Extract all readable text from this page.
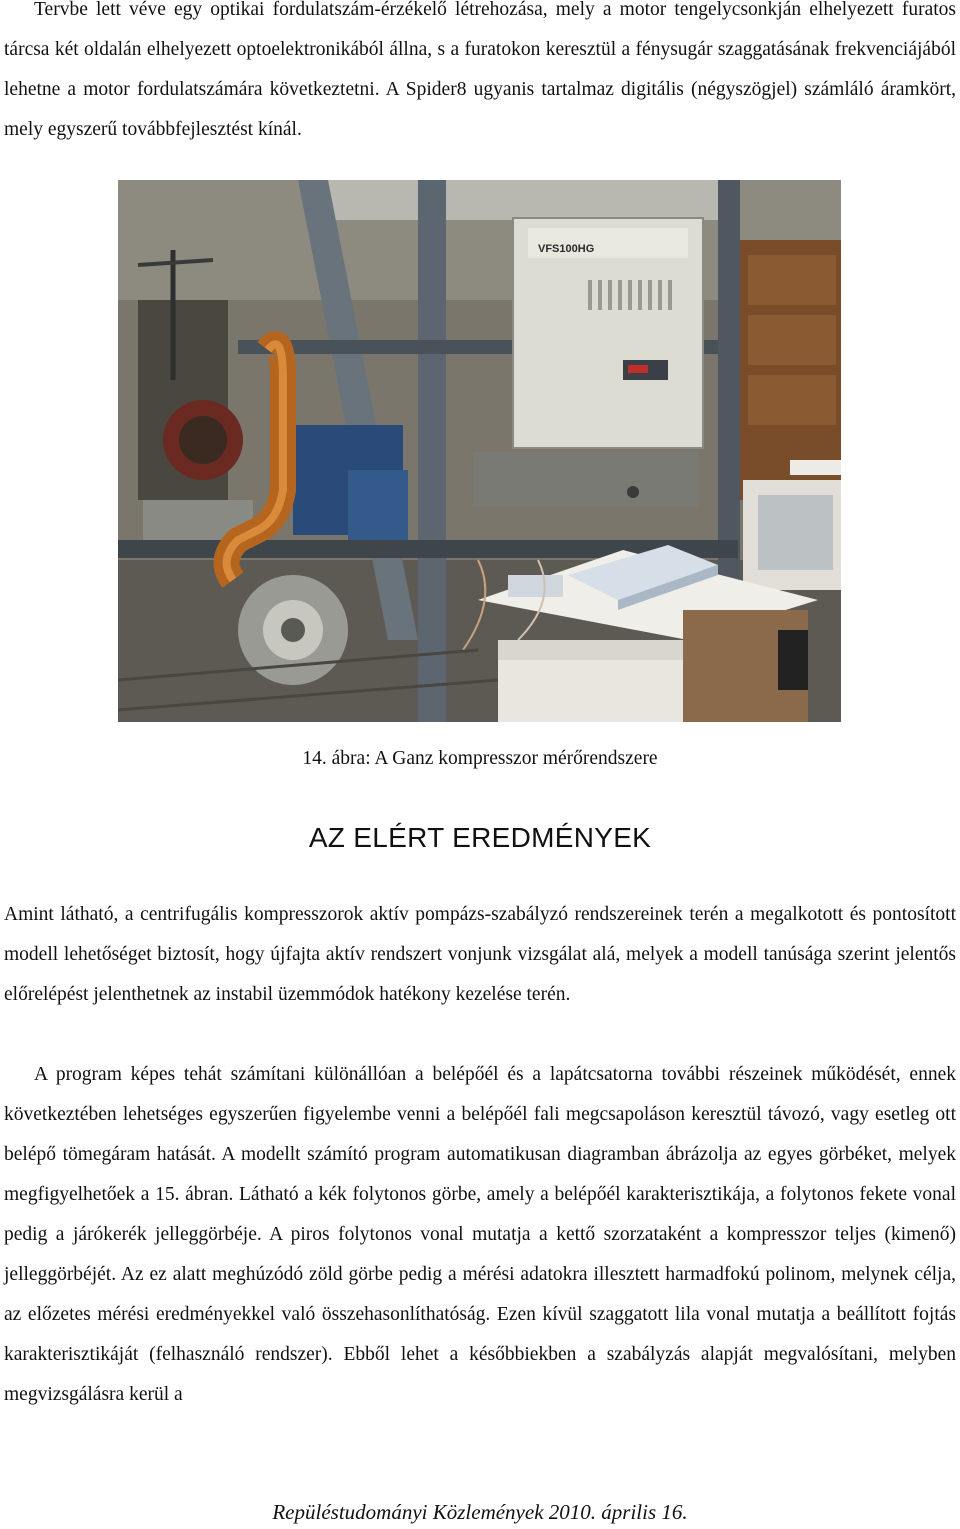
Tervbe lett véve egy optikai fordulatszám-érzékelő létrehozása, mely a motor tengelycsonkján elhelyezett furatos tárcsa két oldalán elhelyezett optoelektronikából állna, s a furatokon keresztül a fénysugár szaggatásának frekvenciájából lehetne a motor fordulatszámára következtetni. A Spider8 ugyanis tartalmaz digitális (négyszögjel) számláló áramkört, mely egyszerű továbbfejlesztést kínál.

VFS100HG
14. ábra: A Ganz kompresszor mérőrendszere
AZ ELÉRT EREDMÉNYEK

Amint látható, a centrifugális kompresszorok aktív pompázs-szabályzó rendszereinek terén a megalkotott és pontosított modell lehetőséget biztosít, hogy újfajta aktív rendszert vonjunk vizsgálat alá, melyek a modell tanúsága szerint jelentős előrelépést jelenthetnek az instabil üzemmódok hatékony kezelése terén.

A program képes tehát számítani különállóan a belépőél és a lapátcsatorna további részeinek működését, ennek következtében lehetséges egyszerűen figyelembe venni a belépőél fali megcsapoláson keresztül távozó, vagy esetleg ott belépő tömegáram hatását. A modellt számító program automatikusan diagramban ábrázolja az egyes görbéket, melyek megfigyelhetőek a 15. ábran. Látható a kék folytonos görbe, amely a belépőél karakterisztikája, a folytonos fekete vonal pedig a járókerék jelleggörbéje. A piros folytonos vonal mutatja a kettő szorzataként a kompresszor teljes (kimenő) jelleggörbéjét. Az ez alatt meghúzódó zöld görbe pedig a mérési adatokra illesztett harmadfokú polinom, melynek célja, az előzetes mérési eredményekkel való összehasonlíthatóság. Ezen kívül szaggatott lila vonal mutatja a beállított fojtás karakterisztikáját (felhasználó rendszer). Ebből lehet a későbbiekben a szabályzás alapját megvalósítani, melyben megvizsgálásra kerül a

Repüléstudományi Közlemények 2010. április 16.
